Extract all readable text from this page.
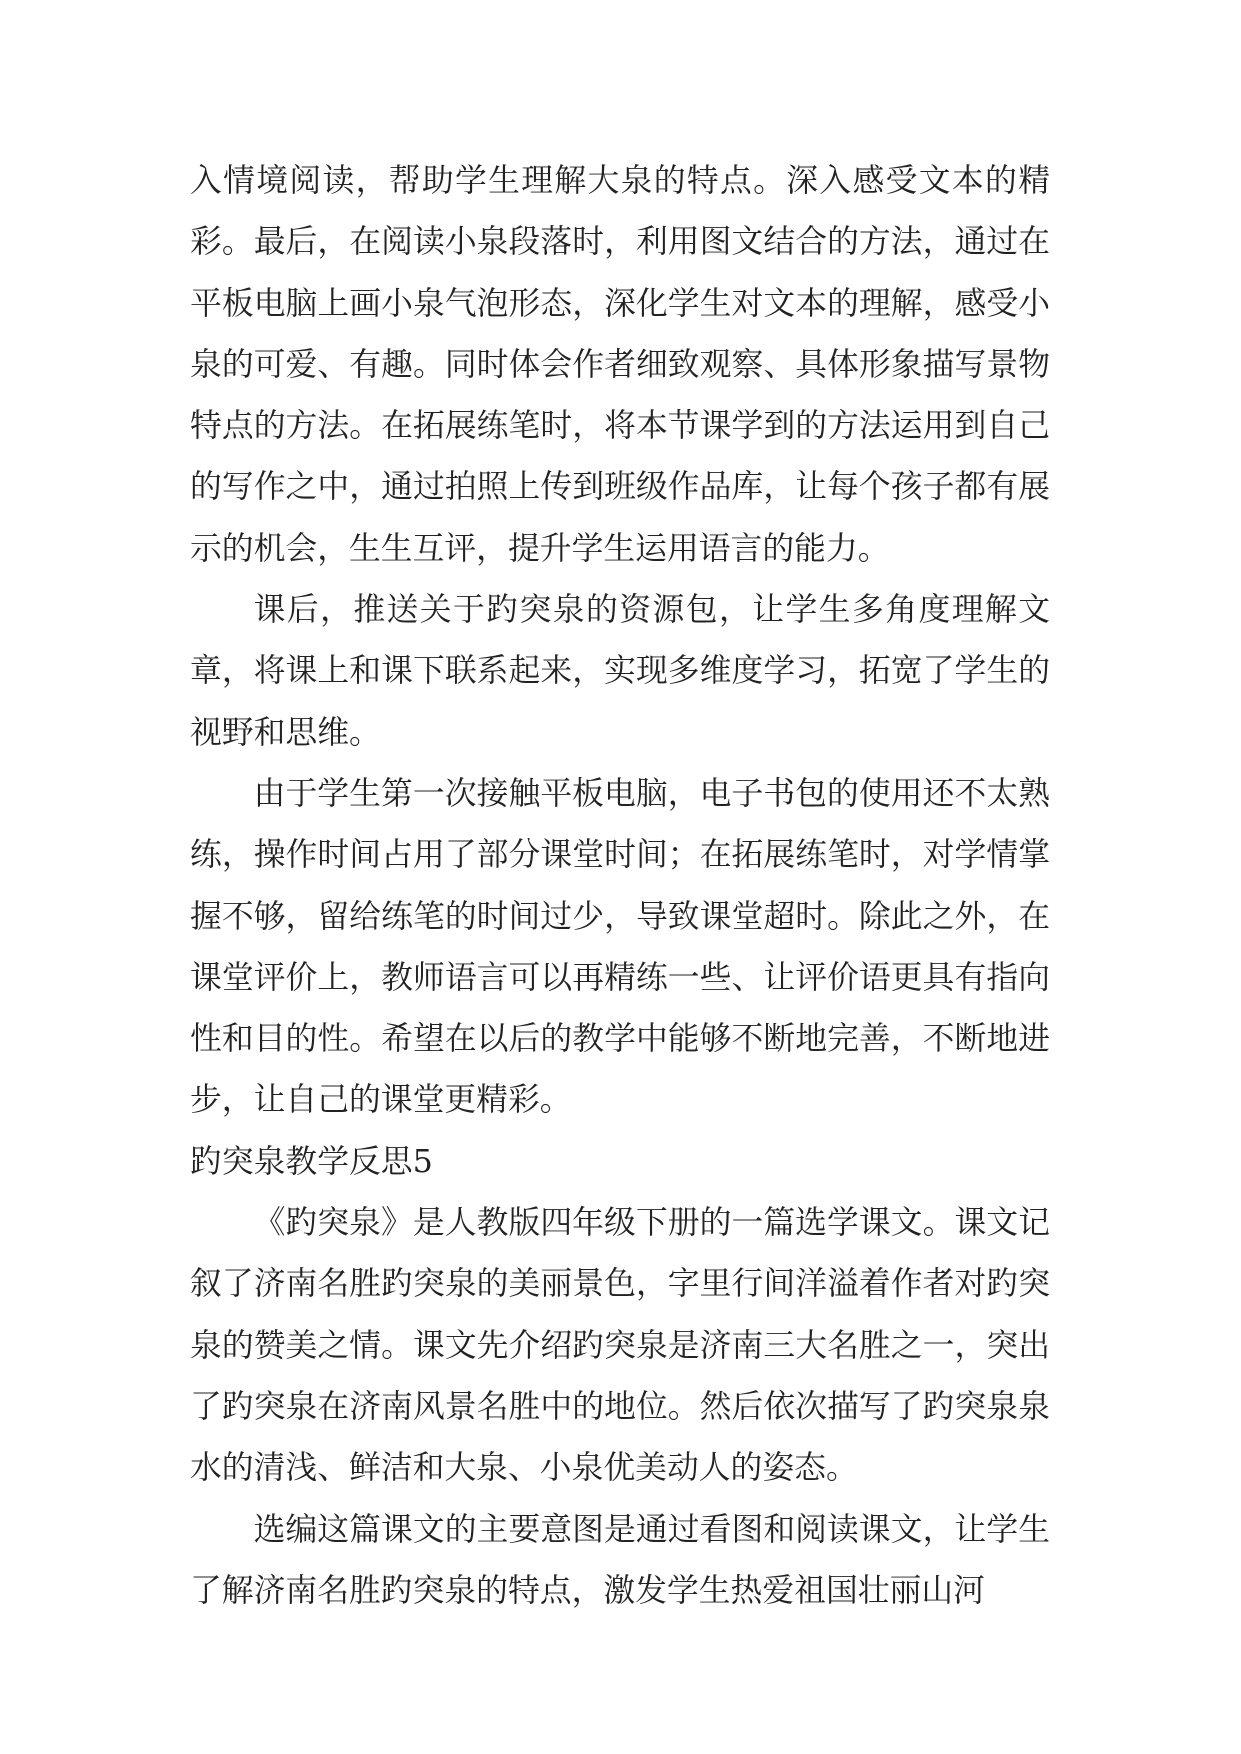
入情境阅读，帮助学生理解大泉的特点。深入感受文本的精彩。最后，在阅读小泉段落时，利用图文结合的方法，通过在平板电脑上画小泉气泡形态，深化学生对文本的理解，感受小泉的可爱、有趣。同时体会作者细致观察、具体形象描写景物特点的方法。在拓展练笔时，将本节课学到的方法运用到自己的写作之中，通过拍照上传到班级作品库，让每个孩子都有展示的机会，生生互评，提升学生运用语言的能力。

课后，推送关于趵突泉的资源包，让学生多角度理解文章，将课上和课下联系起来，实现多维度学习，拓宽了学生的视野和思维。

由于学生第一次接触平板电脑，电子书包的使用还不太熟练，操作时间占用了部分课堂时间；在拓展练笔时，对学情掌握不够，留给练笔的时间过少，导致课堂超时。除此之外，在课堂评价上，教师语言可以再精练一些、让评价语更具有指向性和目的性。希望在以后的教学中能够不断地完善，不断地进步，让自己的课堂更精彩。

趵突泉教学反思5

《趵突泉》是人教版四年级下册的一篇选学课文。课文记叙了济南名胜趵突泉的美丽景色，字里行间洋溢着作者对趵突泉的赞美之情。课文先介绍趵突泉是济南三大名胜之一，突出了趵突泉在济南风景名胜中的地位。然后依次描写了趵突泉泉水的清浅、鲜洁和大泉、小泉优美动人的姿态。

选编这篇课文的主要意图是通过看图和阅读课文，让学生了解济南名胜趵突泉的特点，激发学生热爱祖国壮丽山河
